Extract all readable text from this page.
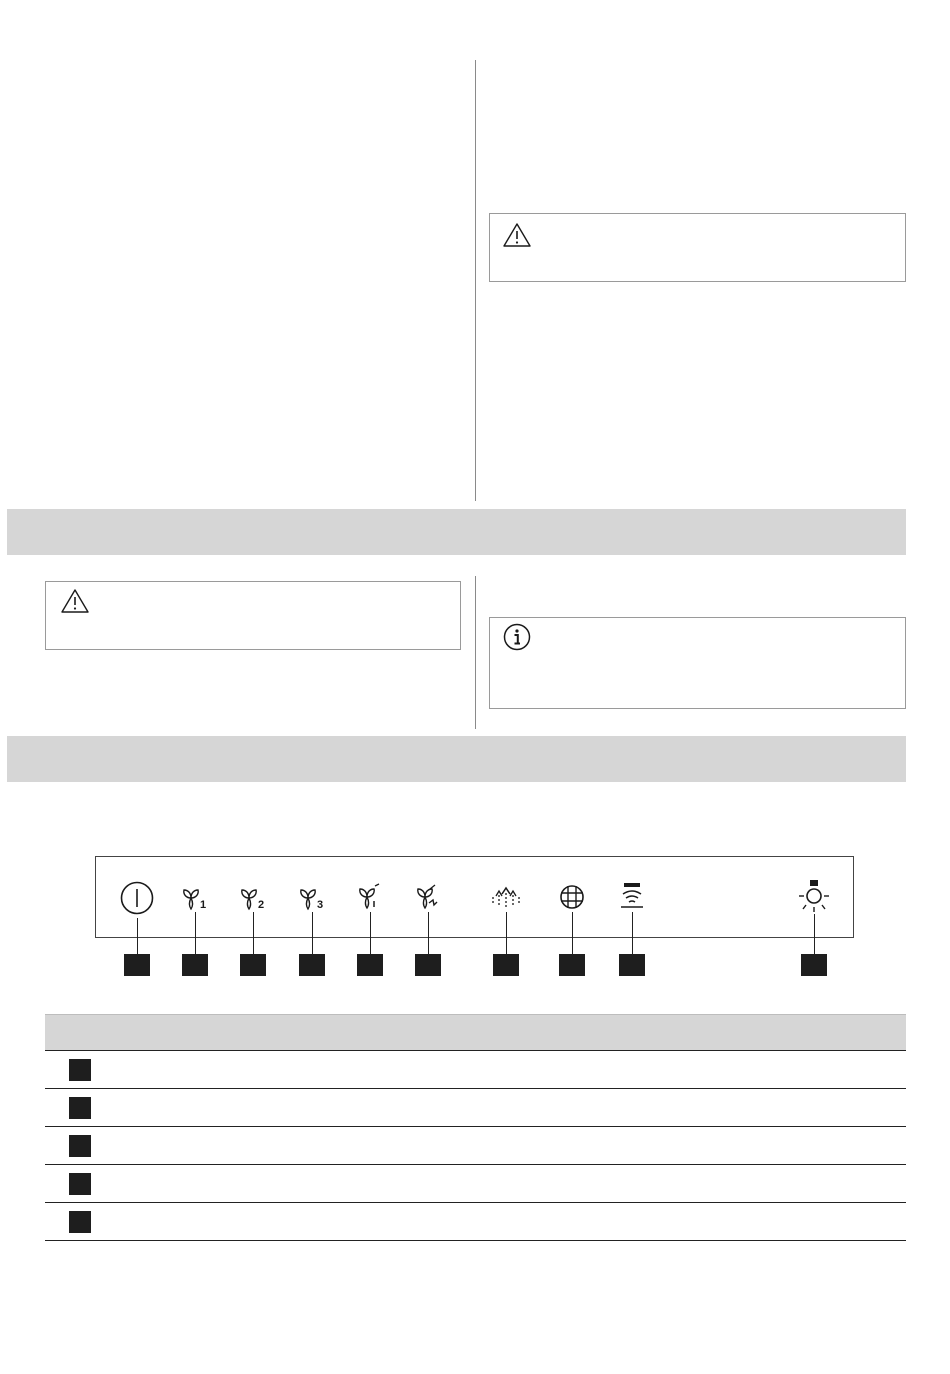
1	2	3
